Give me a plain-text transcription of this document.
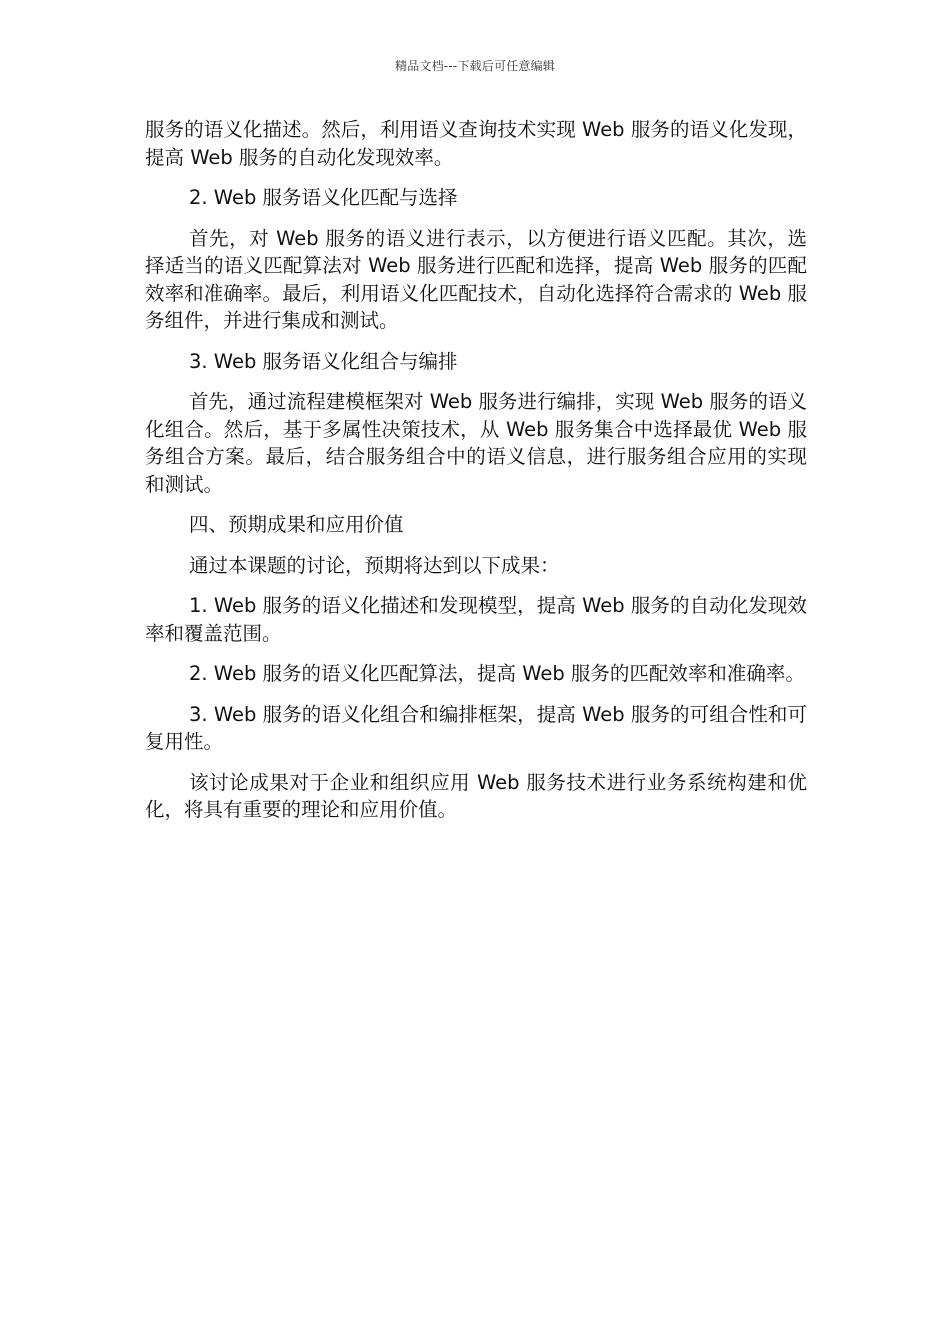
精品文档---下载后可任意编辑

服务的语义化描述。然后，利用语义查询技术实现 Web 服务的语义化发现，提高 Web 服务的自动化发现效率。

2. Web 服务语义化匹配与选择

首先，对 Web 服务的语义进行表示，以方便进行语义匹配。其次，选择适当的语义匹配算法对 Web 服务进行匹配和选择，提高 Web 服务的匹配效率和准确率。最后，利用语义化匹配技术，自动化选择符合需求的 Web 服务组件，并进行集成和测试。

3. Web 服务语义化组合与编排

首先，通过流程建模框架对 Web 服务进行编排，实现 Web 服务的语义化组合。然后，基于多属性决策技术，从 Web 服务集合中选择最优 Web 服务组合方案。最后，结合服务组合中的语义信息，进行服务组合应用的实现和测试。

四、预期成果和应用价值

通过本课题的讨论，预期将达到以下成果：

1. Web 服务的语义化描述和发现模型，提高 Web 服务的自动化发现效率和覆盖范围。

2. Web 服务的语义化匹配算法，提高 Web 服务的匹配效率和准确率。

3. Web 服务的语义化组合和编排框架，提高 Web 服务的可组合性和可复用性。

该讨论成果对于企业和组织应用 Web 服务技术进行业务系统构建和优化，将具有重要的理论和应用价值。
